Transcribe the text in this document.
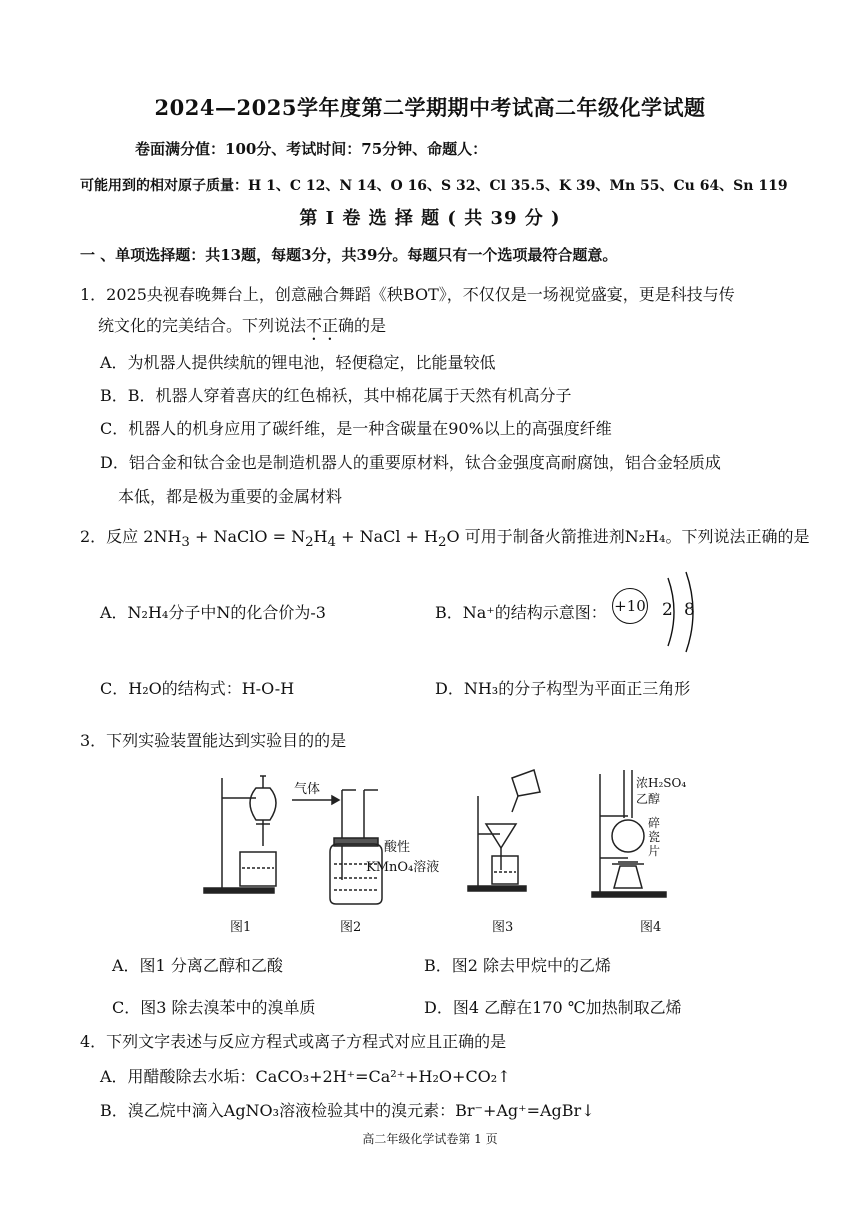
2024—2025学年度第二学期期中考试高二年级化学试题
卷面满分值：100分、考试时间：75分钟、命题人：
可能用到的相对原子质量：H 1、C 12、N 14、O 16、S 32、Cl 35.5、K 39、Mn 55、Cu 64、Sn 119
第 I 卷 选 择 题 ( 共 39 分 )
一 、单项选择题：共13题，每题3分，共39分。每题只有一个选项最符合题意。
1．2025央视春晚舞台上，创意融合舞蹈《秧BOT》，不仅仅是一场视觉盛宴，更是科技与传
统文化的完美结合。下列说法不正确的是
A．为机器人提供续航的锂电池，轻便稳定，比能量较低
B．B．机器人穿着喜庆的红色棉袄，其中棉花属于天然有机高分子
C．机器人的机身应用了碳纤维，是一种含碳量在90%以上的高强度纤维
D．铝合金和钛合金也是制造机器人的重要原材料，钛合金强度高耐腐蚀，铝合金轻质成
本低，都是极为重要的金属材料
2．反应 $2NH_3$ + NaClO = $N_2H_4$ + NaCl + $H_2O$ 可用于制备火箭推进剂N₂H₄。下列说法正确的是
A．N₂H₄分子中N的化合价为-3	B．Na⁺的结构示意图： +10 2 8
C．H₂O的结构式：H-O-H	D．NH₃的分子构型为平面正三角形
3．下列实验装置能达到实验目的的是
气体
酸性
KMnO₄溶液
浓H₂SO₄
乙醇
碎瓷片
图1	图2	图3	图4
A．图1 分离乙醇和乙酸	B．图2 除去甲烷中的乙烯
C．图3 除去溴苯中的溴单质	D．图4 乙醇在170 ℃加热制取乙烯
4．下列文字表述与反应方程式或离子方程式对应且正确的是
A．用醋酸除去水垢：CaCO₃+2H⁺=Ca²⁺+H₂O+CO₂↑
B．溴乙烷中滴入AgNO₃溶液检验其中的溴元素：Br⁻+Ag⁺=AgBr↓
高二年级化学试卷第 1 页
